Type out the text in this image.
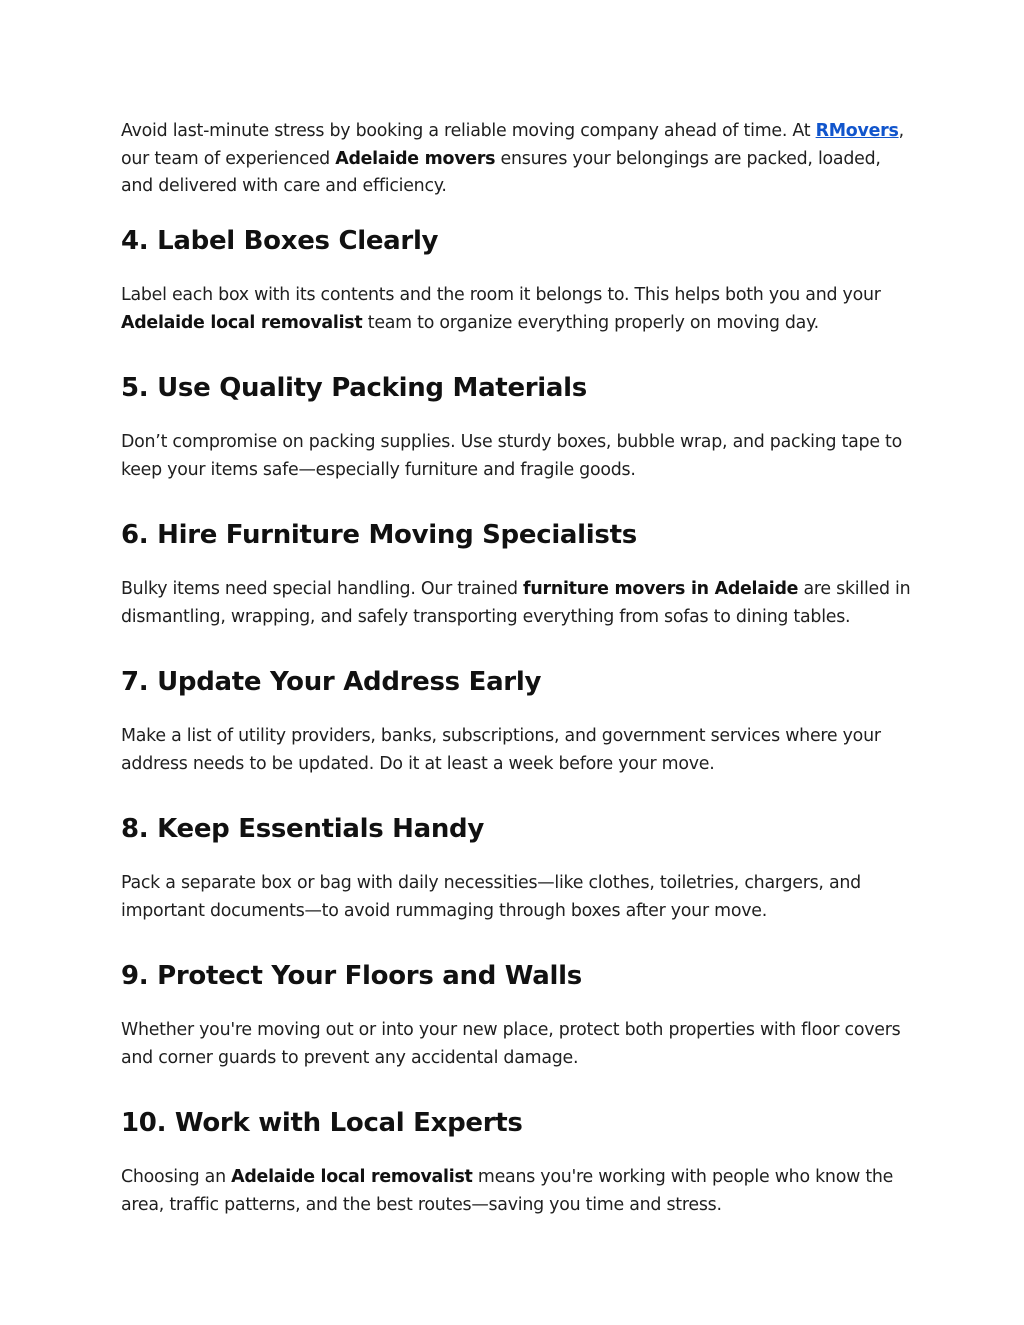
Avoid last-minute stress by booking a reliable moving company ahead of time. At RMovers, our team of experienced Adelaide movers ensures your belongings are packed, loaded, and delivered with care and efficiency.

4. Label Boxes Clearly

Label each box with its contents and the room it belongs to. This helps both you and your Adelaide local removalist team to organize everything properly on moving day.

5. Use Quality Packing Materials

Don’t compromise on packing supplies. Use sturdy boxes, bubble wrap, and packing tape to keep your items safe—especially furniture and fragile goods.

6. Hire Furniture Moving Specialists

Bulky items need special handling. Our trained furniture movers in Adelaide are skilled in dismantling, wrapping, and safely transporting everything from sofas to dining tables.

7. Update Your Address Early

Make a list of utility providers, banks, subscriptions, and government services where your address needs to be updated. Do it at least a week before your move.

8. Keep Essentials Handy

Pack a separate box or bag with daily necessities—like clothes, toiletries, chargers, and important documents—to avoid rummaging through boxes after your move.

9. Protect Your Floors and Walls

Whether you're moving out or into your new place, protect both properties with floor covers and corner guards to prevent any accidental damage.

10. Work with Local Experts

Choosing an Adelaide local removalist means you're working with people who know the area, traffic patterns, and the best routes—saving you time and stress.
